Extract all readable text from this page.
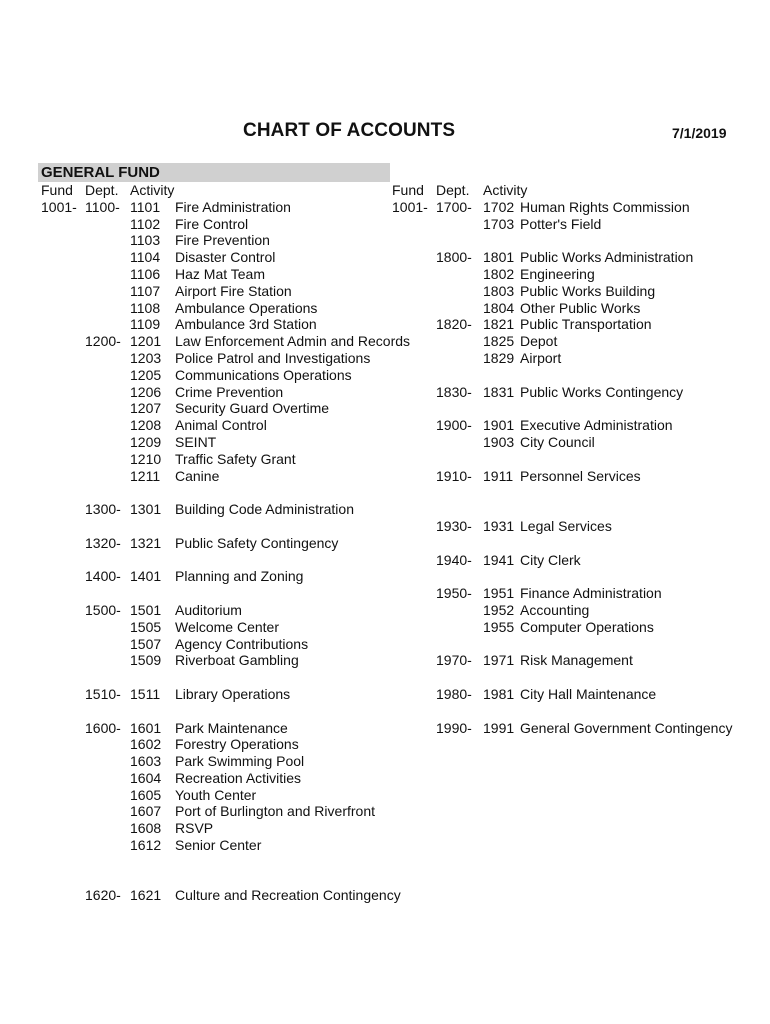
CHART OF ACCOUNTS	7/1/2019
GENERAL FUND
Fund Dept. Activity
1001- 1100- 1101 Fire Administration
1102 Fire Control
1103 Fire Prevention
1104 Disaster Control
1106 Haz Mat Team
1107 Airport Fire Station
1108 Ambulance Operations
1109 Ambulance 3rd Station
1200- 1201 Law Enforcement Admin and Records
1203 Police Patrol and Investigations
1205 Communications Operations
1206 Crime Prevention
1207 Security Guard Overtime
1208 Animal Control
1209 SEINT
1210 Traffic Safety Grant
1211 Canine
1300- 1301 Building Code Administration
1320- 1321 Public Safety Contingency
1400- 1401 Planning and Zoning
1500- 1501 Auditorium
1505 Welcome Center
1507 Agency Contributions
1509 Riverboat Gambling
1510- 1511 Library Operations
1600- 1601 Park Maintenance
1602 Forestry Operations
1603 Park Swimming Pool
1604 Recreation Activities
1605 Youth Center
1607 Port of Burlington and Riverfront
1608 RSVP
1612 Senior Center
1620- 1621 Culture and Recreation Contingency
Fund Dept. Activity
1001- 1700- 1702 Human Rights Commission
1703 Potter's Field
1800- 1801 Public Works Administration
1802 Engineering
1803 Public Works Building
1804 Other Public Works
1820- 1821 Public Transportation
1825 Depot
1829 Airport
1830- 1831 Public Works Contingency
1900- 1901 Executive Administration
1903 City Council
1910- 1911 Personnel Services
1930- 1931 Legal Services
1940- 1941 City Clerk
1950- 1951 Finance Administration
1952 Accounting
1955 Computer Operations
1970- 1971 Risk Management
1980- 1981 City Hall Maintenance
1990- 1991 General Government Contingency
